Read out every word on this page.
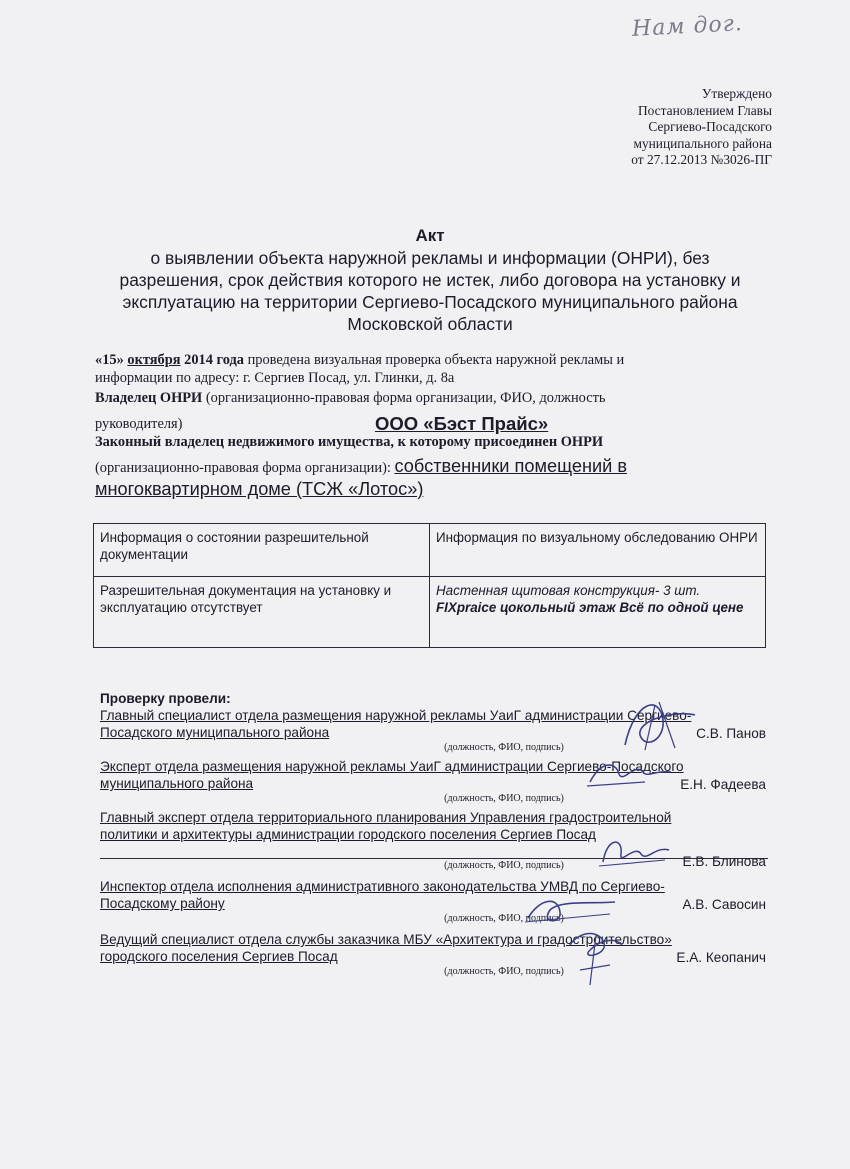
Нам дог.
Утверждено
Постановлением Главы
Сергиево-Посадского
муниципального района
от 27.12.2013 №3026-ПГ
Акт
о выявлении объекта наружной рекламы и информации (ОНРИ), без
разрешения, срок действия которого не истек, либо договора на установку и
эксплуатацию на территории Сергиево-Посадского муниципального района
Московской области
«15» октября 2014 года проведена визуальная проверка объекта наружной рекламы и
информации по адресу: г. Сергиев Посад, ул. Глинки, д. 8а
Владелец ОНРИ (организационно-правовая форма организации, ФИО, должность
руководителя)
Законный владелец недвижимого имущества, к которому присоединен ОНРИ
(организационно-правовая форма организации): собственники помещений в
многоквартирном доме (ТСЖ «Лотос»)
ООО «Бэст Прайс»
Информация о состоянии разрешительной документации	Информация по визуальному обследованию ОНРИ
Разрешительная документация на установку и эксплуатацию отсутствует	Настенная щитовая конструкция- 3 шт.
FIXpraice цокольный этаж Всё по одной цене
Проверку провели:
Главный специалист отдела размещения наружной рекламы УаиГ администрации Сергиево-
Посадского муниципального района	С.В. Панов
(должность, ФИО, подпись)
Эксперт отдела размещения наружной рекламы УаиГ администрации Сергиево-Посадского
муниципального района	Е.Н. Фадеева
(должность, ФИО, подпись)
Главный эксперт отдела территориального планирования Управления градостроительной
политики и архитектуры администрации городского поселения Сергиев Посад
Е.В. Блинова
(должность, ФИО, подпись)
Инспектор отдела исполнения административного законодательства УМВД по Сергиево-
Посадскому району	А.В. Савосин
(должность, ФИО, подпись)
Ведущий специалист отдела службы заказчика МБУ «Архитектура и градостроительство»
городского поселения Сергиев Посад	Е.А. Кеопанич
(должность, ФИО, подпись)
